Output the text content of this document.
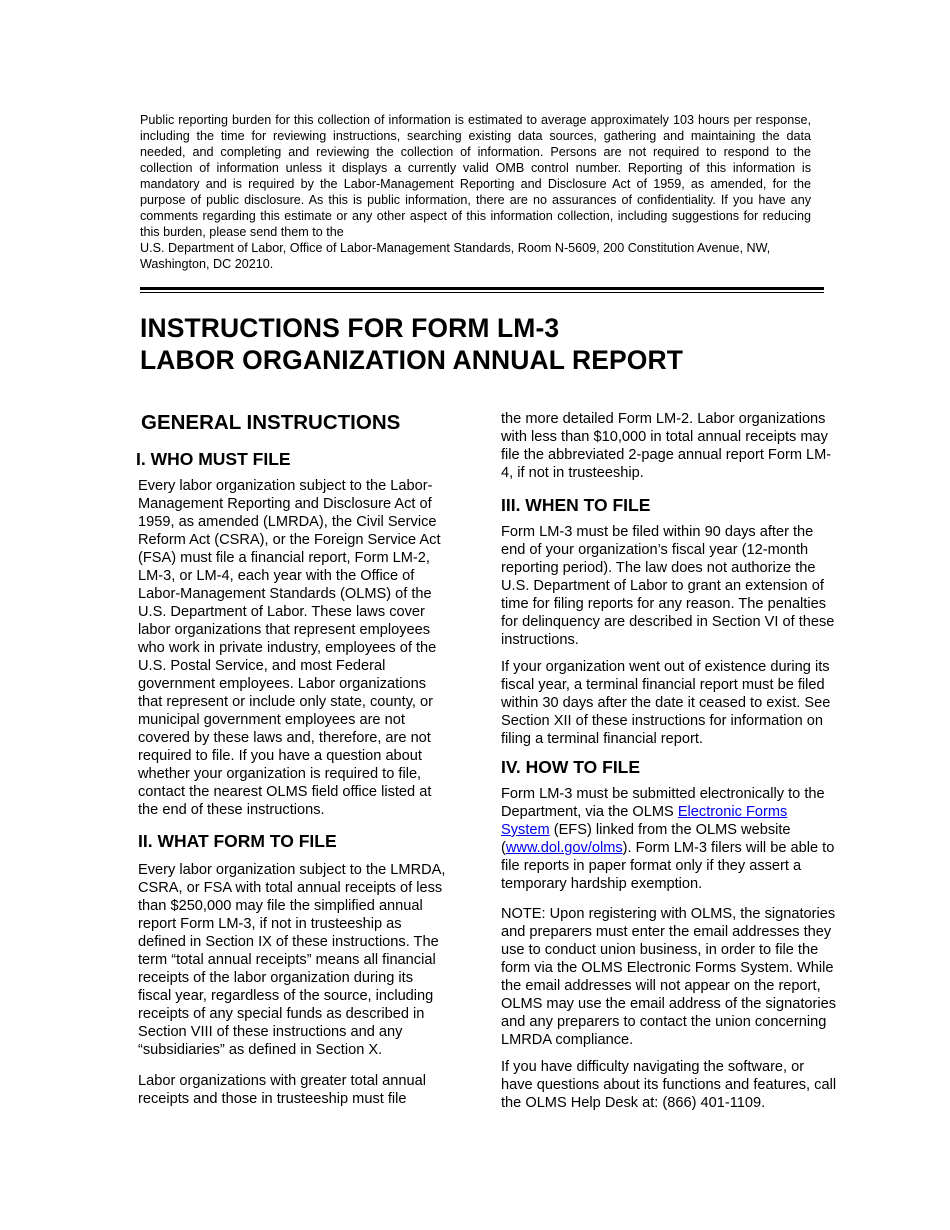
Public reporting burden for this collection of information is estimated to average approximately 103 hours per response, including the time for reviewing instructions, searching existing data sources, gathering and maintaining the data needed, and completing and reviewing the collection of information. Persons are not required to respond to the collection of information unless it displays a currently valid OMB control number. Reporting of this information is mandatory and is required by the Labor-Management Reporting and Disclosure Act of 1959, as amended, for the purpose of public disclosure. As this is public information, there are no assurances of confidentiality. If you have any comments regarding this estimate or any other aspect of this information collection, including suggestions for reducing this burden, please send them to the
U.S. Department of Labor, Office of Labor-Management Standards, Room N-5609, 200 Constitution Avenue, NW, Washington, DC 20210.

INSTRUCTIONS FOR FORM LM-3
LABOR ORGANIZATION ANNUAL REPORT
GENERAL INSTRUCTIONS
I. WHO MUST FILE

Every labor organization subject to the Labor-Management Reporting and Disclosure Act of 1959, as amended (LMRDA), the Civil Service Reform Act (CSRA), or the Foreign Service Act (FSA) must file a financial report, Form LM-2, LM-3, or LM-4, each year with the Office of Labor-Management Standards (OLMS) of the U.S. Department of Labor. These laws cover labor organizations that represent employees who work in private industry, employees of the U.S. Postal Service, and most Federal government employees. Labor organizations that represent or include only state, county, or municipal government employees are not covered by these laws and, therefore, are not required to file. If you have a question about whether your organization is required to file, contact the nearest OLMS field office listed at the end of these instructions.

II. WHAT FORM TO FILE

Every labor organization subject to the LMRDA, CSRA, or FSA with total annual receipts of less than $250,000 may file the simplified annual report Form LM-3, if not in trusteeship as defined in Section IX of these instructions. The term “total annual receipts” means all financial receipts of the labor organization during its fiscal year, regardless of the source, including receipts of any special funds as described in Section VIII of these instructions and any “subsidiaries” as defined in Section X.

Labor organizations with greater total annual receipts and those in trusteeship must file

the more detailed Form LM-2. Labor organizations with less than $10,000 in total annual receipts may file the abbreviated 2-page annual report Form LM-4, if not in trusteeship.

III. WHEN TO FILE

Form LM-3 must be filed within 90 days after the end of your organization’s fiscal year (12-month reporting period). The law does not authorize the U.S. Department of Labor to grant an extension of time for filing reports for any reason. The penalties for delinquency are described in Section VI of these instructions.

If your organization went out of existence during its fiscal year, a terminal financial report must be filed within 30 days after the date it ceased to exist. See Section XII of these instructions for information on filing a terminal financial report.

IV. HOW TO FILE

Form LM-3 must be submitted electronically to the Department, via the OLMS Electronic Forms System (EFS) linked from the OLMS website (www.dol.gov/olms). Form LM-3 filers will be able to file reports in paper format only if they assert a temporary hardship exemption.

NOTE: Upon registering with OLMS, the signatories and preparers must enter the email addresses they use to conduct union business, in order to file the form via the OLMS Electronic Forms System. While the email addresses will not appear on the report, OLMS may use the email address of the signatories and any preparers to contact the union concerning LMRDA compliance.

If you have difficulty navigating the software, or have questions about its functions and features, call the OLMS Help Desk at: (866) 401-1109.
